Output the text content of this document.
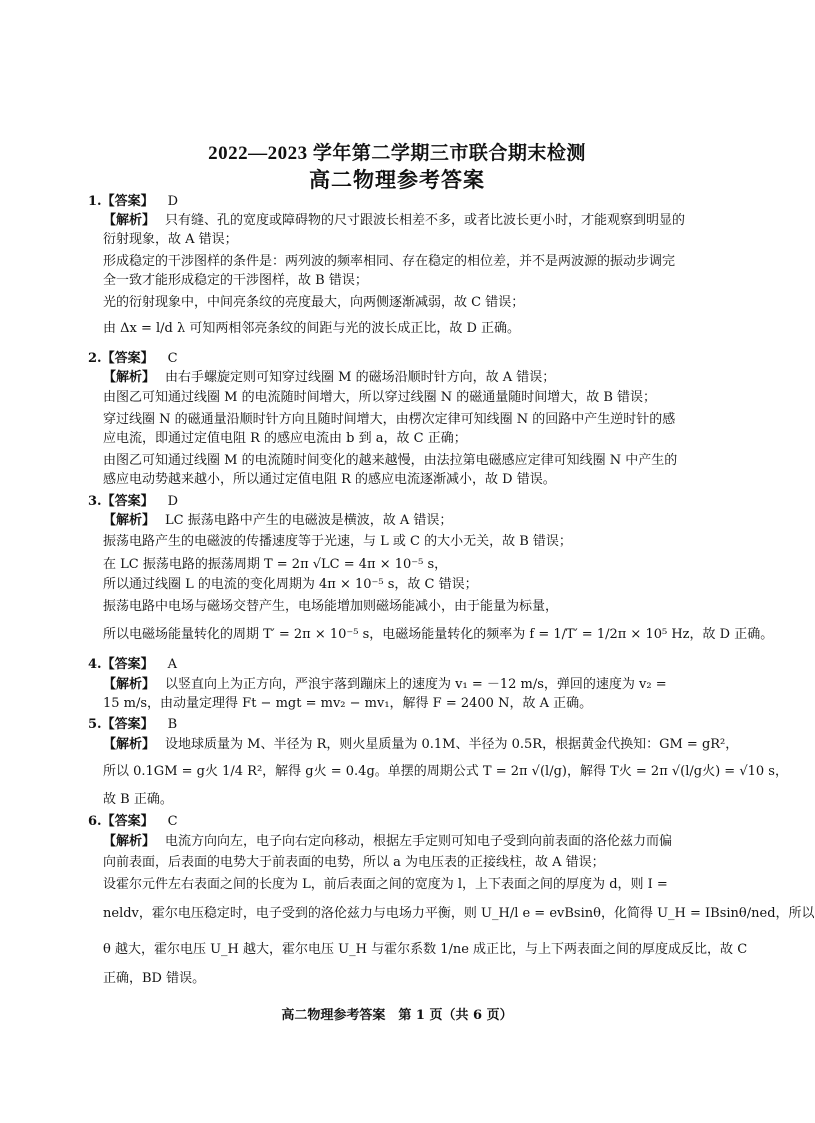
2022—2023 学年第二学期三市联合期末检测
高二物理参考答案
1.【答案】 D
【解析】 只有缝、孔的宽度或障碍物的尺寸跟波长相差不多，或者比波长更小时，才能观察到明显的
衍射现象，故 A 错误；
形成稳定的干涉图样的条件是：两列波的频率相同、存在稳定的相位差，并不是两波源的振动步调完
全一致才能形成稳定的干涉图样，故 B 错误；
光的衍射现象中，中间亮条纹的亮度最大，向两侧逐渐减弱，故 C 错误；
由 Δx = l/d λ 可知两相邻亮条纹的间距与光的波长成正比，故 D 正确。
2.【答案】 C
【解析】 由右手螺旋定则可知穿过线圈 M 的磁场沿顺时针方向，故 A 错误；
由图乙可知通过线圈 M 的电流随时间增大，所以穿过线圈 N 的磁通量随时间增大，故 B 错误；
穿过线圈 N 的磁通量沿顺时针方向且随时间增大，由楞次定律可知线圈 N 的回路中产生逆时针的感
应电流，即通过定值电阻 R 的感应电流由 b 到 a，故 C 正确；
由图乙可知通过线圈 M 的电流随时间变化的越来越慢，由法拉第电磁感应定律可知线圈 N 中产生的
感应电动势越来越小，所以通过定值电阻 R 的感应电流逐渐减小，故 D 错误。
3.【答案】 D
【解析】 LC 振荡电路中产生的电磁波是横波，故 A 错误；
振荡电路产生的电磁波的传播速度等于光速，与 L 或 C 的大小无关，故 B 错误；
在 LC 振荡电路的振荡周期 T = 2π √LC = 4π × 10⁻⁵ s，
所以通过线圈 L 的电流的变化周期为 4π × 10⁻⁵ s，故 C 错误；
振荡电路中电场与磁场交替产生，电场能增加则磁场能减小，由于能量为标量，
所以电磁场能量转化的周期 T′ = 2π × 10⁻⁵ s，电磁场能量转化的频率为 f = 1/T′ = 1/2π × 10⁵ Hz，故 D 正确。
4.【答案】 A
【解析】 以竖直向上为正方向，严浪宇落到蹦床上的速度为 v₁ = －12 m/s，弹回的速度为 v₂ =
15 m/s，由动量定理得 Ft − mgt = mv₂ − mv₁，解得 F = 2400 N，故 A 正确。
5.【答案】 B
【解析】 设地球质量为 M、半径为 R，则火星质量为 0.1M、半径为 0.5R，根据黄金代换知：GM = gR²，
所以 0.1GM = g火 1/4 R²，解得 g火 = 0.4g。单摆的周期公式 T = 2π √(l/g)，解得 T火 = 2π √(l/g火) = √10 s，
故 B 正确。
6.【答案】 C
【解析】 电流方向向左，电子向右定向移动，根据左手定则可知电子受到向前表面的洛伦兹力而偏
向前表面，后表面的电势大于前表面的电势，所以 a 为电压表的正接线柱，故 A 错误；
设霍尔元件左右表面之间的长度为 L，前后表面之间的宽度为 l，上下表面之间的厚度为 d，则 I =
neldv，霍尔电压稳定时，电子受到的洛伦兹力与电场力平衡，则 U_H/l e = evBsinθ，化简得 U_H = IBsinθ/ned，所以
θ 越大，霍尔电压 U_H 越大，霍尔电压 U_H 与霍尔系数 1/ne 成正比，与上下两表面之间的厚度成反比，故 C
正确，BD 错误。
高二物理参考答案　第 1 页（共 6 页）
